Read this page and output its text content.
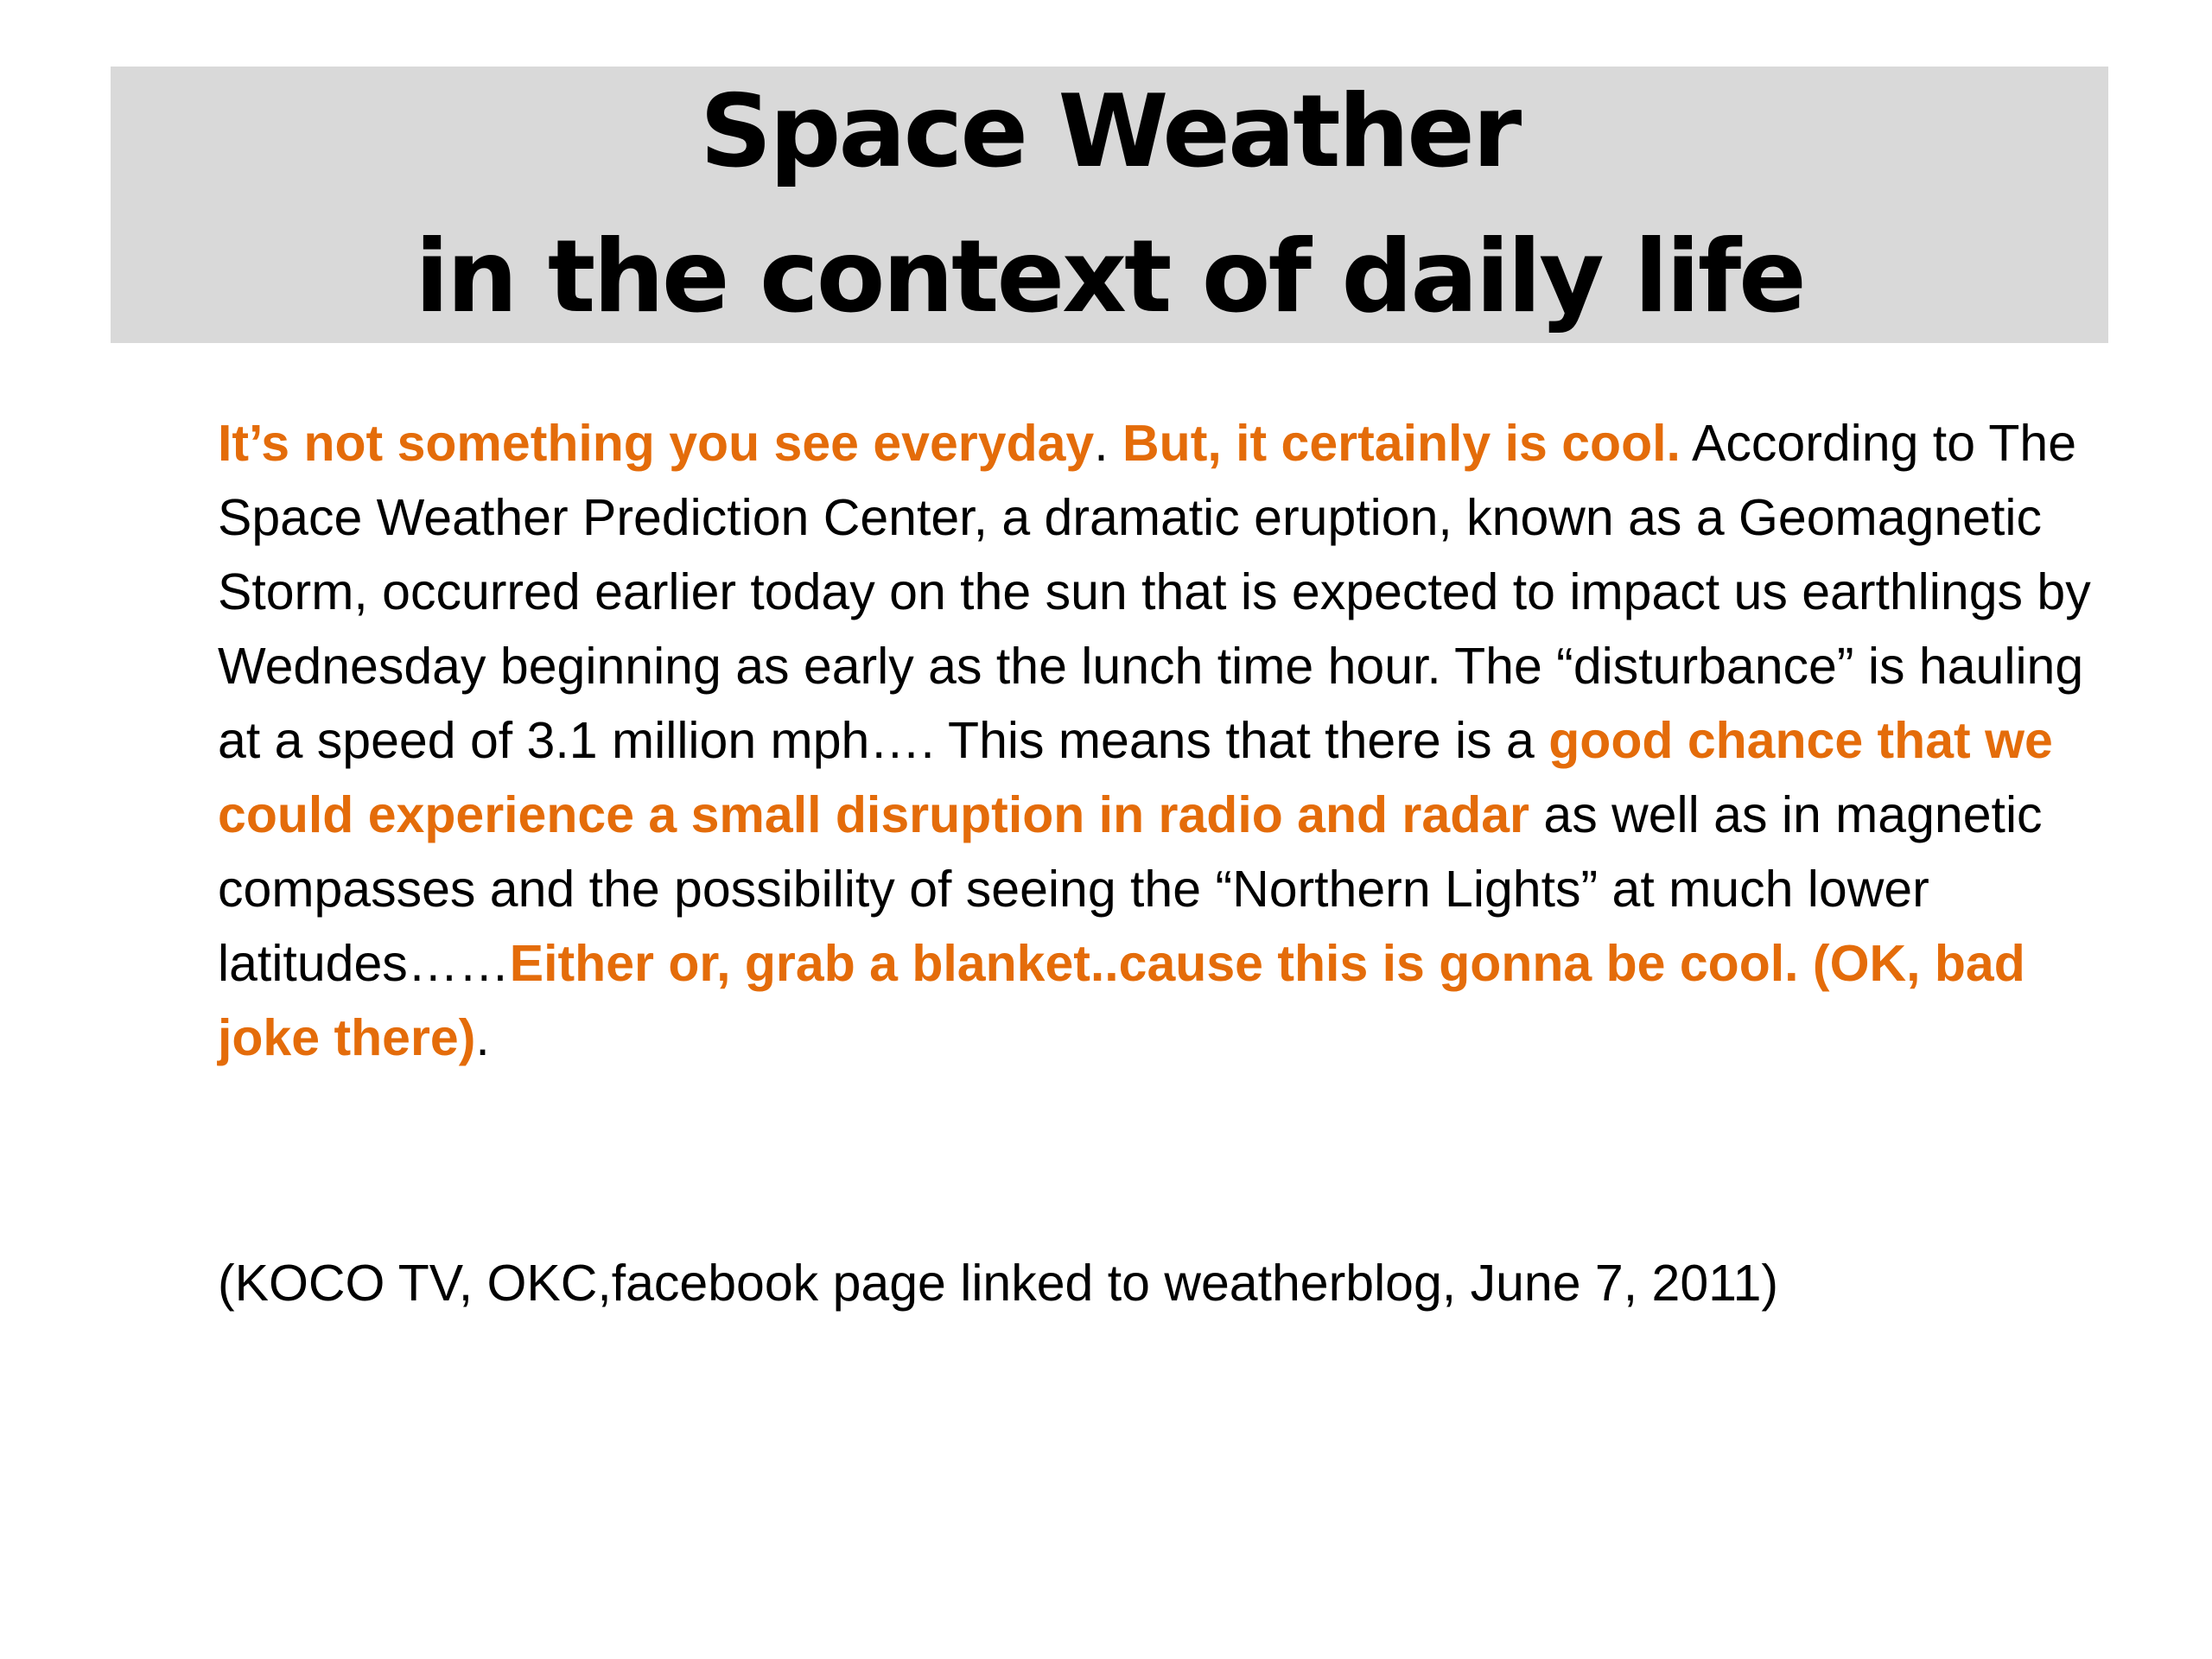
Space Weather
in the context of daily life
It’s not something you see everyday. But, it certainly is cool. According to The Space Weather Prediction Center, a dramatic eruption, known as a Geomagnetic Storm, occurred earlier today on the sun that is expected to impact us earthlings by Wednesday beginning as early as the lunch time hour. The “disturbance” is hauling at a speed of 3.1 million mph…. This means that there is a good chance that we could experience a small disruption in radio and radar as well as in magnetic compasses and the possibility of seeing the “Northern Lights” at much lower latitudes……Either or, grab a blanket..cause this is gonna be cool. (OK, bad joke there).
(KOCO TV, OKC,facebook page linked to weatherblog, June 7, 2011)
